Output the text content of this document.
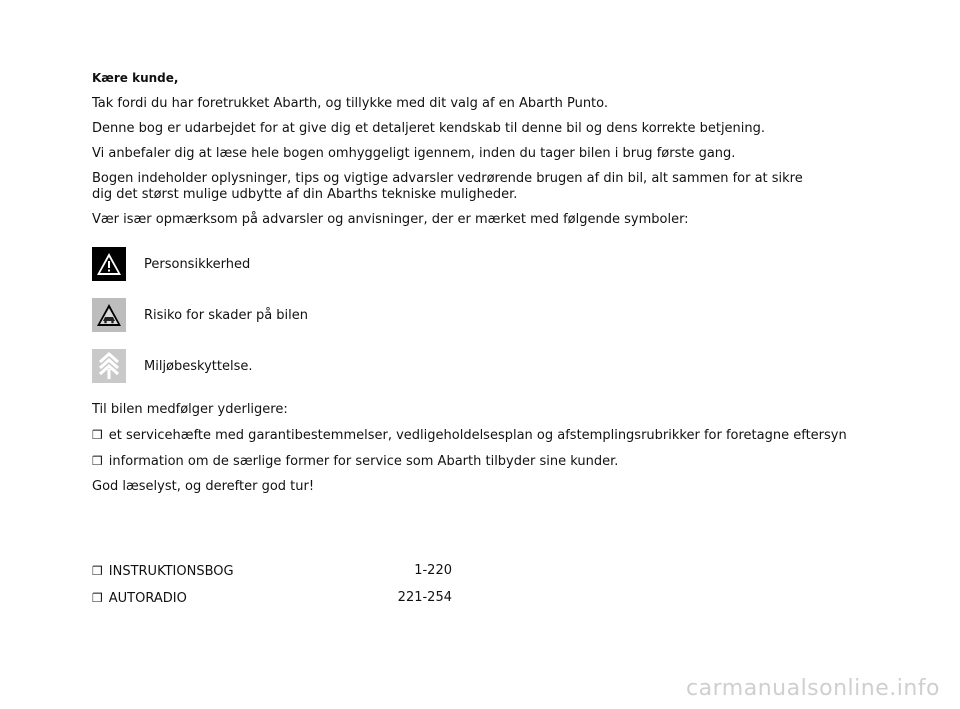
Kære kunde,

Tak fordi du har foretrukket Abarth, og tillykke med dit valg af en Abarth Punto.

Denne bog er udarbejdet for at give dig et detaljeret kendskab til denne bil og dens korrekte betjening.

Vi anbefaler dig at læse hele bogen omhyggeligt igennem, inden du tager bilen i brug første gang.

Bogen indeholder oplysninger, tips og vigtige advarsler vedrørende brugen af din bil, alt sammen for at sikre dig det størst mulige udbytte af din Abarths tekniske muligheder.

Vær især opmærksom på advarsler og anvisninger, der er mærket med følgende symboler:

Personsikkerhed
Risiko for skader på bilen
Miljøbeskyttelse.

Til bilen medfølger yderligere:

❒ et servicehæfte med garantibestemmelser, vedligeholdelsesplan og afstemplingsrubrikker for foretagne eftersyn

❒ information om de særlige former for service som Abarth tilbyder sine kunder.

God læselyst, og derefter god tur!

❒ INSTRUKTIONSBOG	1-220
❒ AUTORADIO	221-254
carmanualsonline.info
